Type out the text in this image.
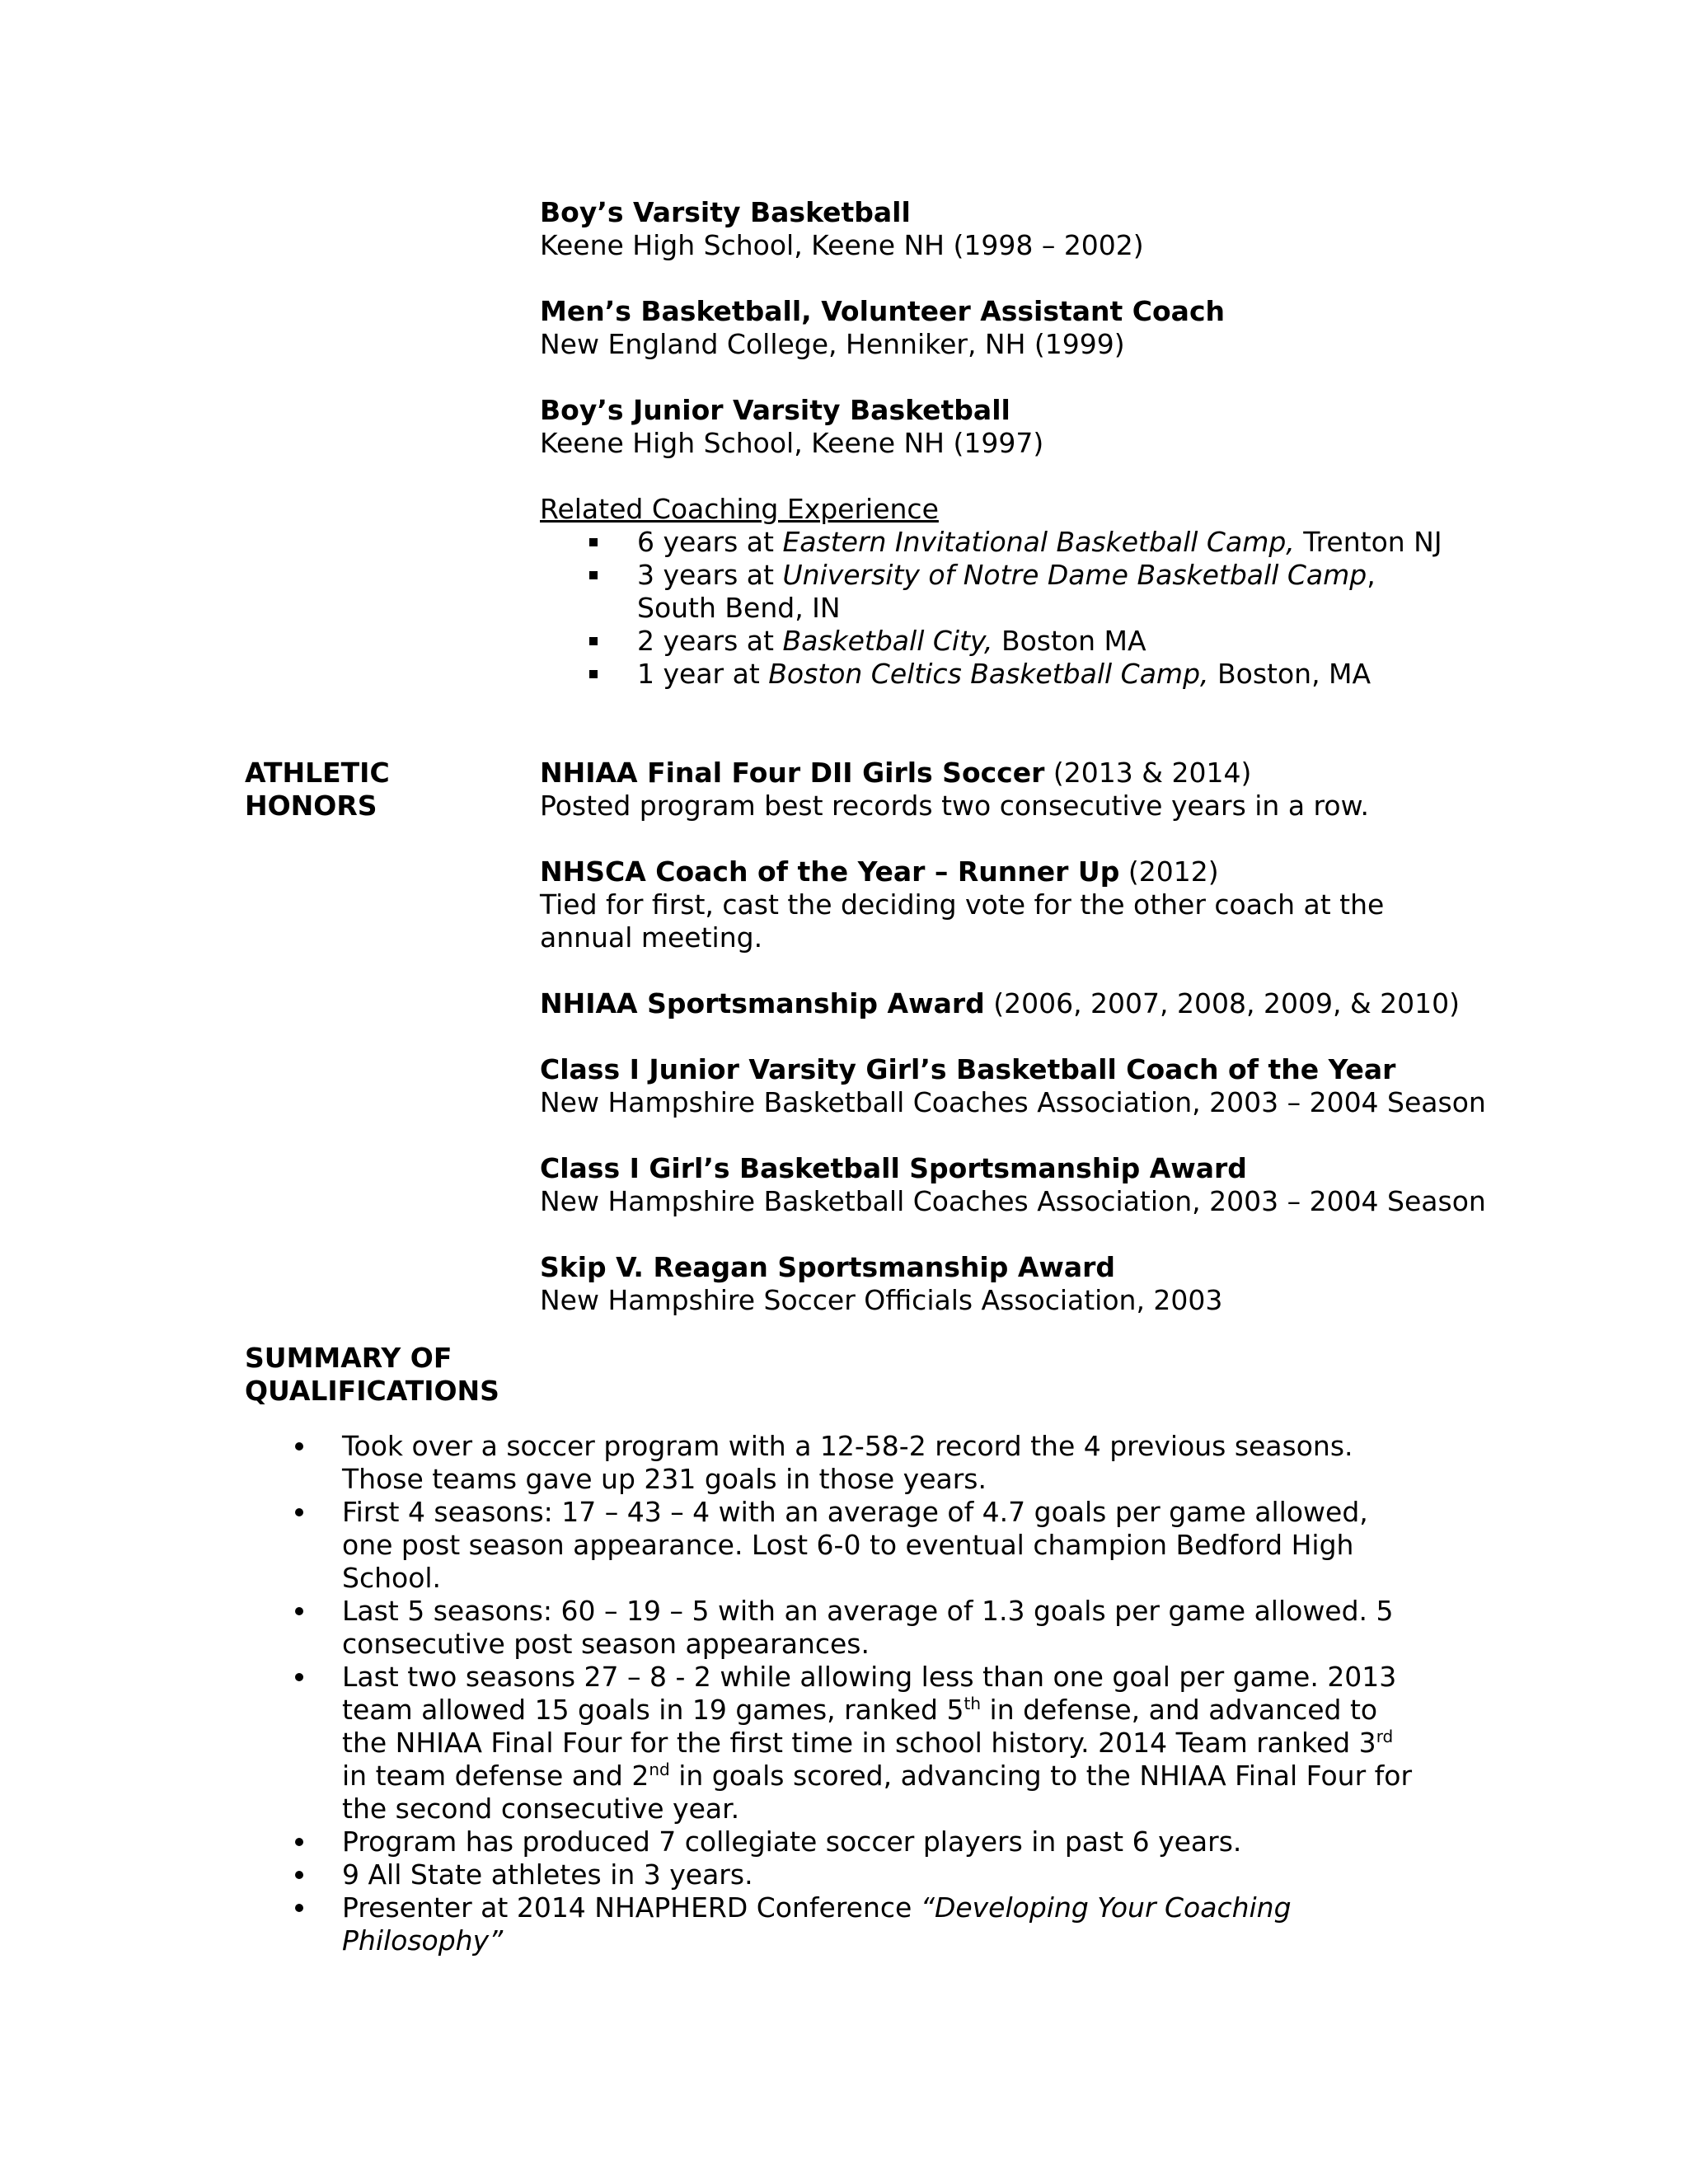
Boy’s Varsity Basketball
Keene High School, Keene NH (1998 – 2002)
Men’s Basketball, Volunteer Assistant Coach
New England College, Henniker, NH (1999)
Boy’s Junior Varsity Basketball
Keene High School, Keene NH (1997)
Related Coaching Experience
6 years at Eastern Invitational Basketball Camp, Trenton NJ
3 years at University of Notre Dame Basketball Camp, South Bend, IN
2 years at Basketball City, Boston MA
1 year at Boston Celtics Basketball Camp, Boston, MA
ATHLETIC
HONORS
NHIAA Final Four DII Girls Soccer (2013 & 2014)
Posted program best records two consecutive years in a row.
NHSCA Coach of the Year – Runner Up (2012)
Tied for first, cast the deciding vote for the other coach at the annual meeting.
NHIAA Sportsmanship Award (2006, 2007, 2008, 2009, & 2010)
Class I Junior Varsity Girl’s Basketball Coach of the Year
New Hampshire Basketball Coaches Association, 2003 – 2004 Season
Class I Girl’s Basketball Sportsmanship Award
New Hampshire Basketball Coaches Association, 2003 – 2004 Season
Skip V. Reagan Sportsmanship Award
New Hampshire Soccer Officials Association, 2003
SUMMARY OF
QUALIFICATIONS
Took over a soccer program with a 12-58-2 record the 4 previous seasons. Those teams gave up 231 goals in those years.
First 4 seasons: 17 – 43 – 4 with an average of 4.7 goals per game allowed, one post season appearance. Lost 6-0 to eventual champion Bedford High School.
Last 5 seasons: 60 – 19 – 5 with an average of 1.3 goals per game allowed. 5 consecutive post season appearances.
Last two seasons 27 – 8 - 2 while allowing less than one goal per game. 2013 team allowed 15 goals in 19 games, ranked 5th in defense, and advanced to the NHIAA Final Four for the first time in school history. 2014 Team ranked 3rd in team defense and 2nd in goals scored, advancing to the NHIAA Final Four for the second consecutive year.
Program has produced 7 collegiate soccer players in past 6 years.
9 All State athletes in 3 years.
Presenter at 2014 NHAPHERD Conference “Developing Your Coaching Philosophy”
